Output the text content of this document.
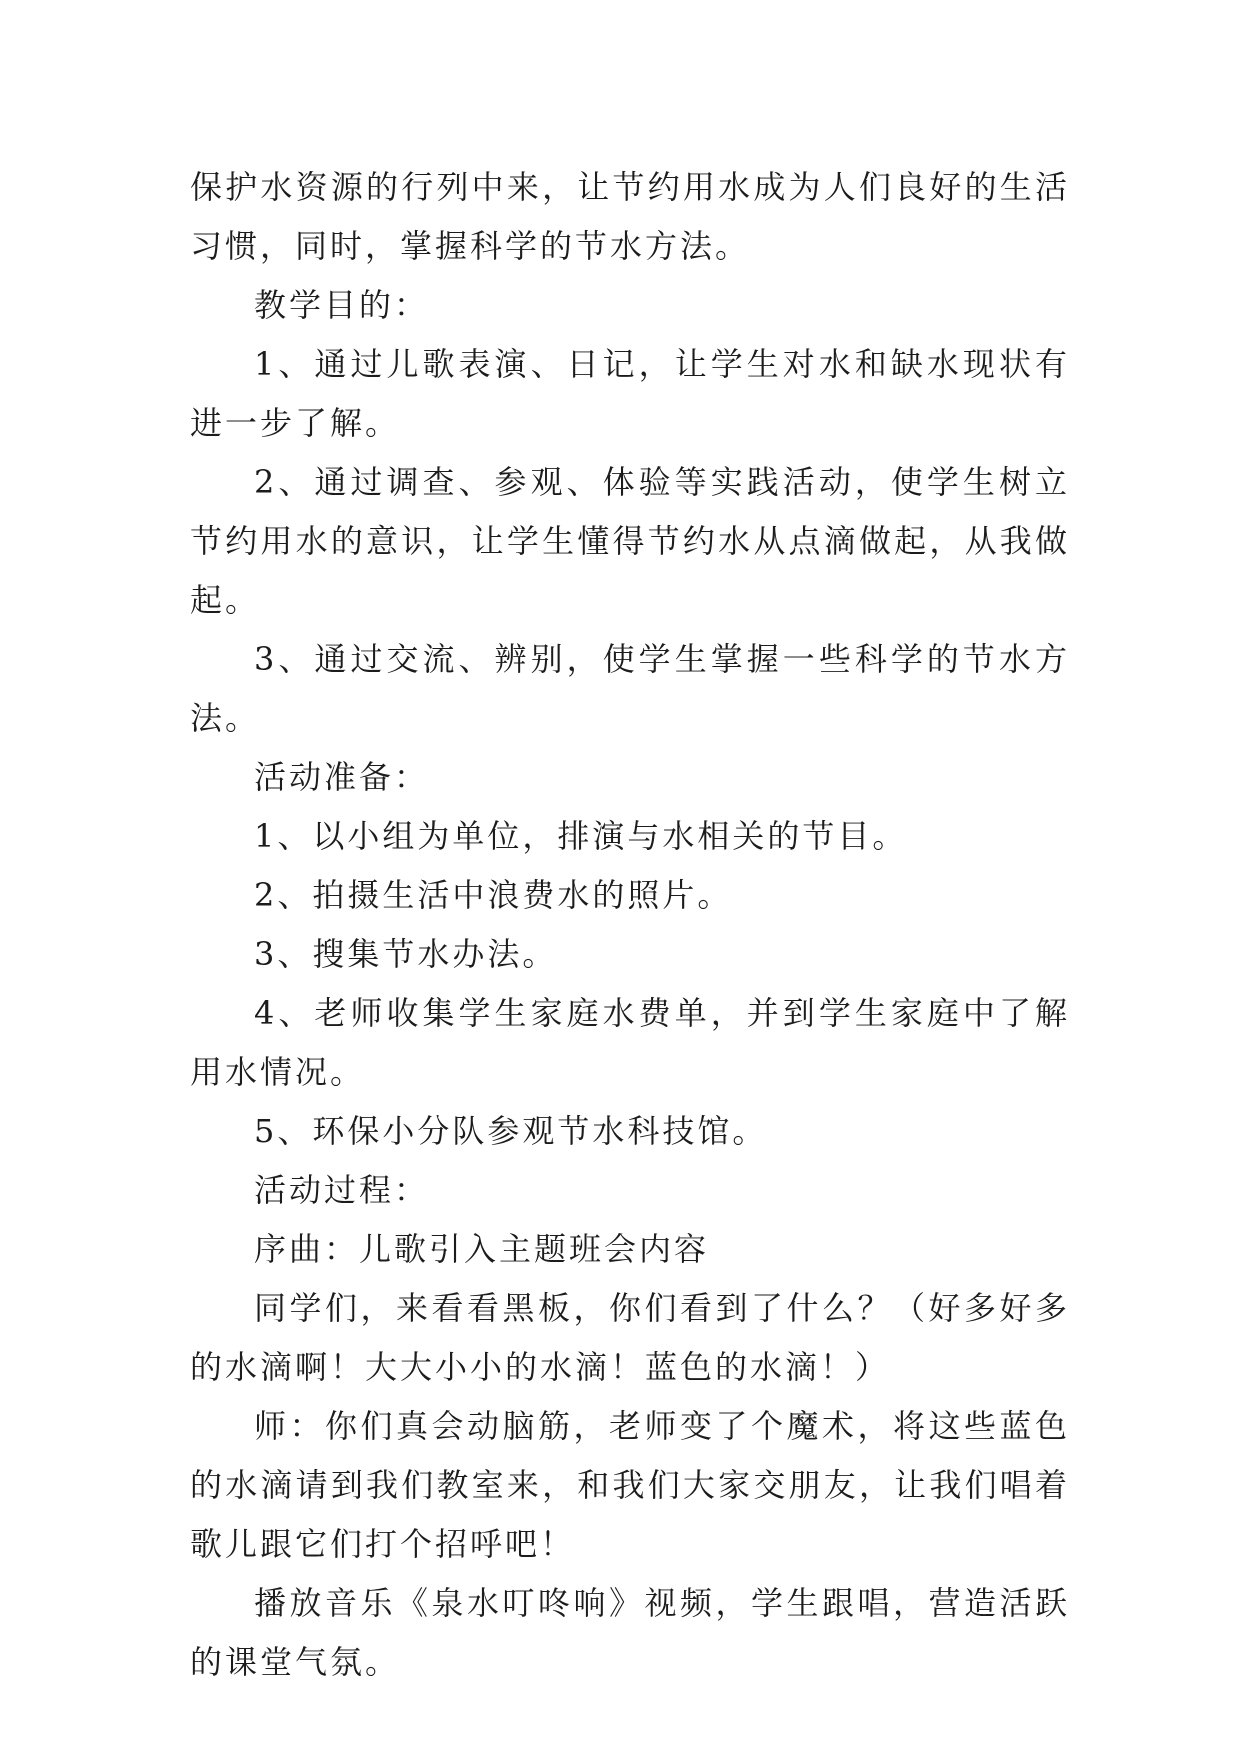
保护水资源的行列中来，让节约用水成为人们良好的生活习惯，同时，掌握科学的节水方法。

教学目的：

1、通过儿歌表演、日记，让学生对水和缺水现状有进一步了解。

2、通过调查、参观、体验等实践活动，使学生树立节约用水的意识，让学生懂得节约水从点滴做起，从我做起。

3、通过交流、辨别，使学生掌握一些科学的节水方法。

活动准备：

1、以小组为单位，排演与水相关的节目。

2、拍摄生活中浪费水的照片。

3、搜集节水办法。

4、老师收集学生家庭水费单，并到学生家庭中了解用水情况。

5、环保小分队参观节水科技馆。

活动过程：

序曲：儿歌引入主题班会内容

同学们，来看看黑板，你们看到了什么？（好多好多的水滴啊！大大小小的水滴！蓝色的水滴！）

师：你们真会动脑筋，老师变了个魔术，将这些蓝色的水滴请到我们教室来，和我们大家交朋友，让我们唱着歌儿跟它们打个招呼吧！

播放音乐《泉水叮咚响》视频，学生跟唱，营造活跃的课堂气氛。
